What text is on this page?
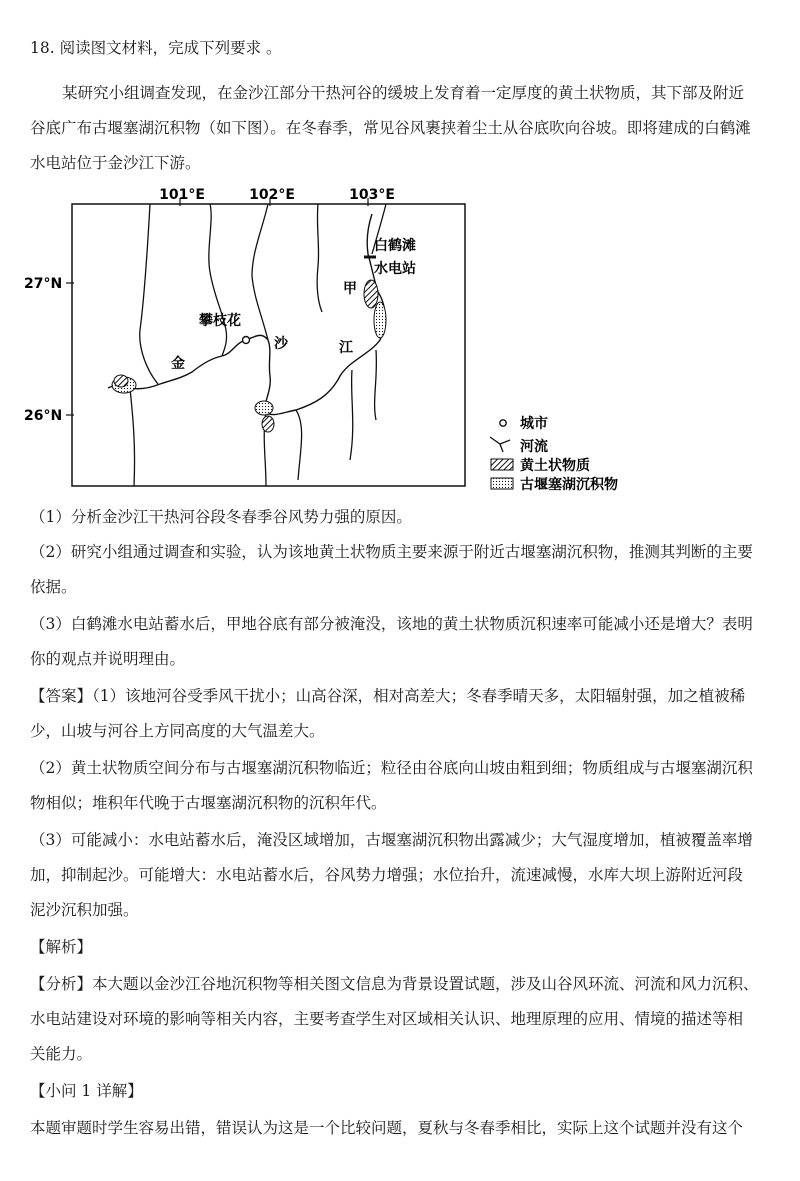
18. 阅读图文材料，完成下列要求 。
某研究小组调查发现，在金沙江部分干热河谷的缓坡上发育着一定厚度的黄土状物质，其下部及附近
谷底广布古堰塞湖沉积物（如下图）。在冬春季，常见谷风裹挟着尘土从谷底吹向谷坡。即将建成的白鹤滩
水电站位于金沙江下游。
101°E	102°E	103°E
27°N
26°N
攀枝花
金
沙	江
甲
白鹤滩
水电站
城市
河流
黄土状物质
古堰塞湖沉积物
（1）分析金沙江干热河谷段冬春季谷风势力强的原因。
（2）研究小组通过调查和实验，认为该地黄土状物质主要来源于附近古堰塞湖沉积物，推测其判断的主要
依据。
（3）白鹤滩水电站蓄水后，甲地谷底有部分被淹没，该地的黄土状物质沉积速率可能减小还是增大？表明
你的观点并说明理由。
【答案】（1）该地河谷受季风干扰小；山高谷深，相对高差大；冬春季晴天多，太阳辐射强，加之植被稀
少，山坡与河谷上方同高度的大气温差大。
（2）黄土状物质空间分布与古堰塞湖沉积物临近；粒径由谷底向山坡由粗到细；物质组成与古堰塞湖沉积
物相似；堆积年代晚于古堰塞湖沉积物的沉积年代。
（3）可能减小：水电站蓄水后，淹没区域增加，古堰塞湖沉积物出露减少；大气湿度增加，植被覆盖率增
加，抑制起沙。可能增大：水电站蓄水后，谷风势力增强；水位抬升，流速减慢，水库大坝上游附近河段
泥沙沉积加强。
【解析】
【分析】本大题以金沙江谷地沉积物等相关图文信息为背景设置试题，涉及山谷风环流、河流和风力沉积、
水电站建设对环境的影响等相关内容，主要考查学生对区域相关认识、地理原理的应用、情境的描述等相
关能力。
【小问 1 详解】
本题审题时学生容易出错，错误认为这是一个比较问题，夏秋与冬春季相比，实际上这个试题并没有这个
